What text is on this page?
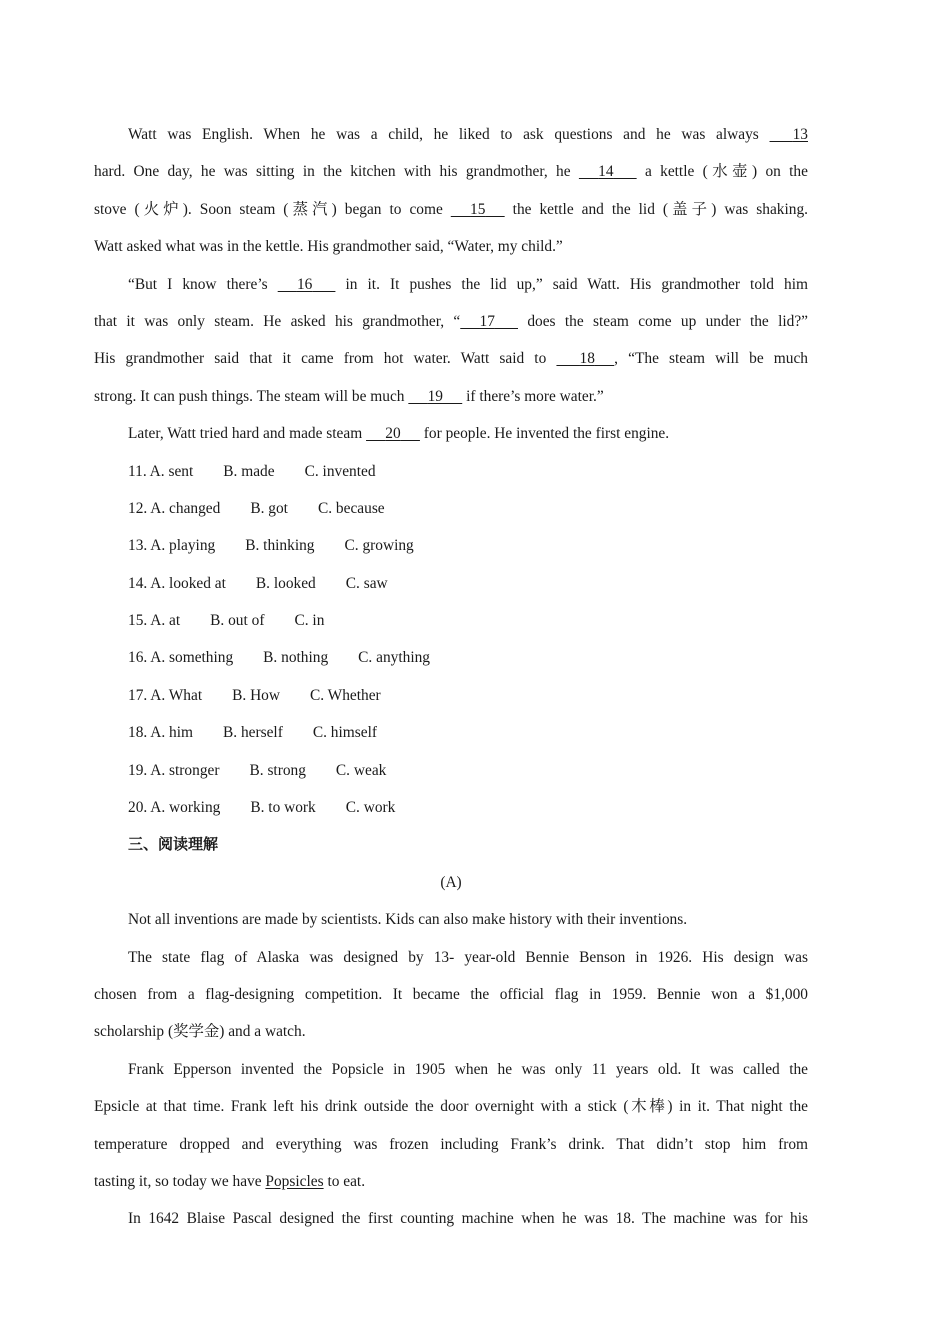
Watt was English. When he was a child, he liked to ask questions and he was always 13
hard. One day, he was sitting in the kitchen with his grandmother, he 14 a kettle (水壶) on the
stove (火炉). Soon steam (蒸汽) began to come 15 the kettle and the lid (盖子) was shaking.
Watt asked what was in the kettle. His grandmother said, “Water, my child.”
“But I know there’s 16 in it. It pushes the lid up,” said Watt. His grandmother told him
that it was only steam. He asked his grandmother, “ 17 does the steam come up under the lid?”
His grandmother said that it came from hot water. Watt said to 18 , “The steam will be much
strong. It can push things. The steam will be much 19 if there’s more water.”
Later, Watt tried hard and made steam 20 for people. He invented the first engine.
11. A. sent B. made C. invented
12. A. changed B. got C. because
13. A. playing B. thinking C. growing
14. A. looked at B. looked C. saw
15. A. at B. out of C. in
16. A. something B. nothing C. anything
17. A. What B. How C. Whether
18. A. him B. herself C. himself
19. A. stronger B. strong C. weak
20. A. working B. to work C. work
三、阅读理解
(A)
Not all inventions are made by scientists. Kids can also make history with their inventions.
The state flag of Alaska was designed by 13- year-old Bennie Benson in 1926. His design was
chosen from a flag-designing competition. It became the official flag in 1959. Bennie won a $1,000
scholarship (奖学金) and a watch.
Frank Epperson invented the Popsicle in 1905 when he was only 11 years old. It was called the
Epsicle at that time. Frank left his drink outside the door overnight with a stick (木棒) in it. That night the
temperature dropped and everything was frozen including Frank’s drink. That didn’t stop him from
tasting it, so today we have Popsicles to eat.
In 1642 Blaise Pascal designed the first counting machine when he was 18. The machine was for his
